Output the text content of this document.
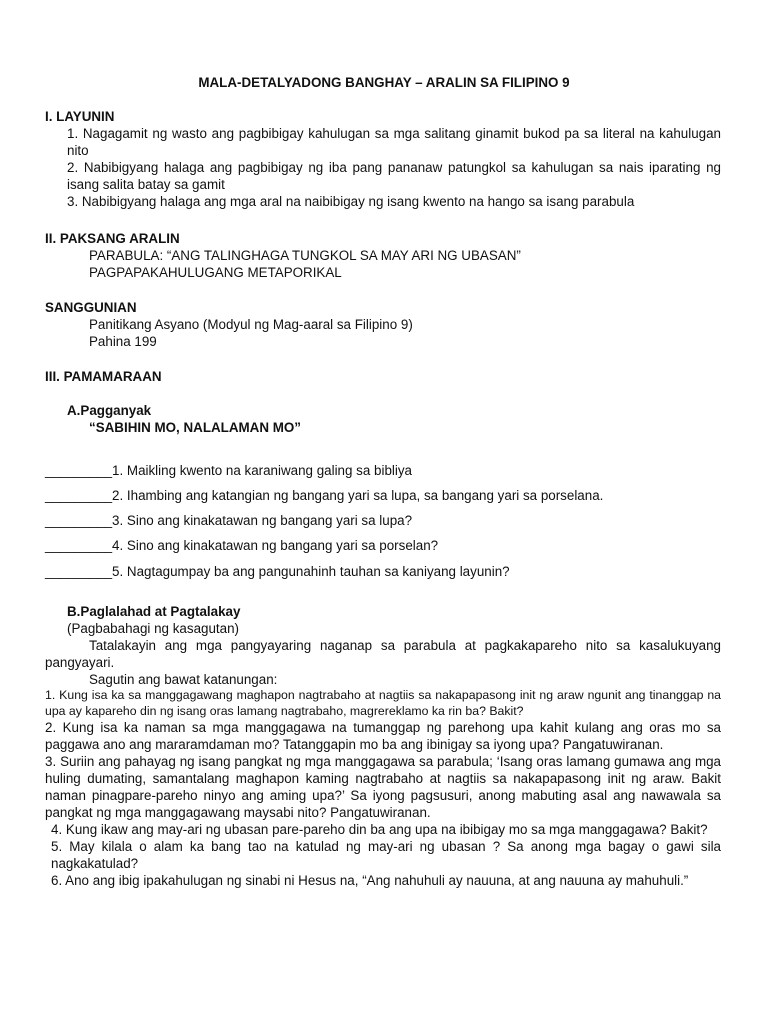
MALA-DETALYADONG BANGHAY – ARALIN SA FILIPINO 9

I. LAYUNIN

1. Nagagamit ng wasto ang pagbibigay kahulugan sa mga salitang ginamit bukod pa sa literal na kahulugan nito

2. Nabibigyang halaga ang pagbibigay ng iba pang pananaw patungkol sa kahulugan sa nais iparating ng isang salita batay sa gamit

3. Nabibigyang halaga ang mga aral na naibibigay ng isang kwento na hango sa isang parabula

II. PAKSANG ARALIN

PARABULA: “ANG TALINGHAGA TUNGKOL SA MAY ARI NG UBASAN”

PAGPAPAKAHULUGANG METAPORIKAL

SANGGUNIAN

Panitikang Asyano (Modyul ng Mag-aaral sa Filipino 9)

Pahina 199

III. PAMAMARAAN

A.Pagganyak

“SABIHIN MO, NALALAMAN MO”

_________1. Maikling kwento na karaniwang galing sa bibliya
_________2. Ihambing ang katangian ng bangang yari sa lupa, sa bangang yari sa porselana.
_________3. Sino ang kinakatawan ng bangang yari sa lupa?
_________4. Sino ang kinakatawan ng bangang yari sa porselan?
_________5. Nagtagumpay ba ang pangunahinh tauhan sa kaniyang layunin?

B.Paglalahad at Pagtalakay

(Pagbabahagi ng kasagutan)

Tatalakayin ang mga pangyayaring naganap sa parabula at pagkakapareho nito sa kasalukuyang pangyayari.

Sagutin ang bawat katanungan:

1. Kung isa ka sa manggagawang maghapon nagtrabaho at nagtiis sa nakapapasong init ng araw ngunit ang tinanggap na upa ay kapareho din ng isang oras lamang nagtrabaho, magrereklamo ka rin ba? Bakit?

2. Kung isa ka naman sa mga manggagawa na tumanggap ng parehong upa kahit kulang ang oras mo sa paggawa ano ang mararamdaman mo? Tatanggapin mo ba ang ibinigay sa iyong upa? Pangatuwiranan.

3. Suriin ang pahayag ng isang pangkat ng mga manggagawa sa parabula; ‘Isang oras lamang gumawa ang mga huling dumating, samantalang maghapon kaming nagtrabaho at nagtiis sa nakapapasong init ng araw. Bakit naman pinagpare-pareho ninyo ang aming upa?’ Sa iyong pagsusuri, anong mabuting asal ang nawawala sa pangkat ng mga manggagawang maysabi nito? Pangatuwiranan.

4. Kung ikaw ang may-ari ng ubasan pare-pareho din ba ang upa na ibibigay mo sa mga manggagawa? Bakit?

5. May kilala o alam ka bang tao na katulad ng may-ari ng ubasan ? Sa anong mga bagay o gawi sila nagkakatulad?

6. Ano ang ibig ipakahulugan ng sinabi ni Hesus na, “Ang nahuhuli ay nauuna, at ang nauuna ay mahuhuli.”
